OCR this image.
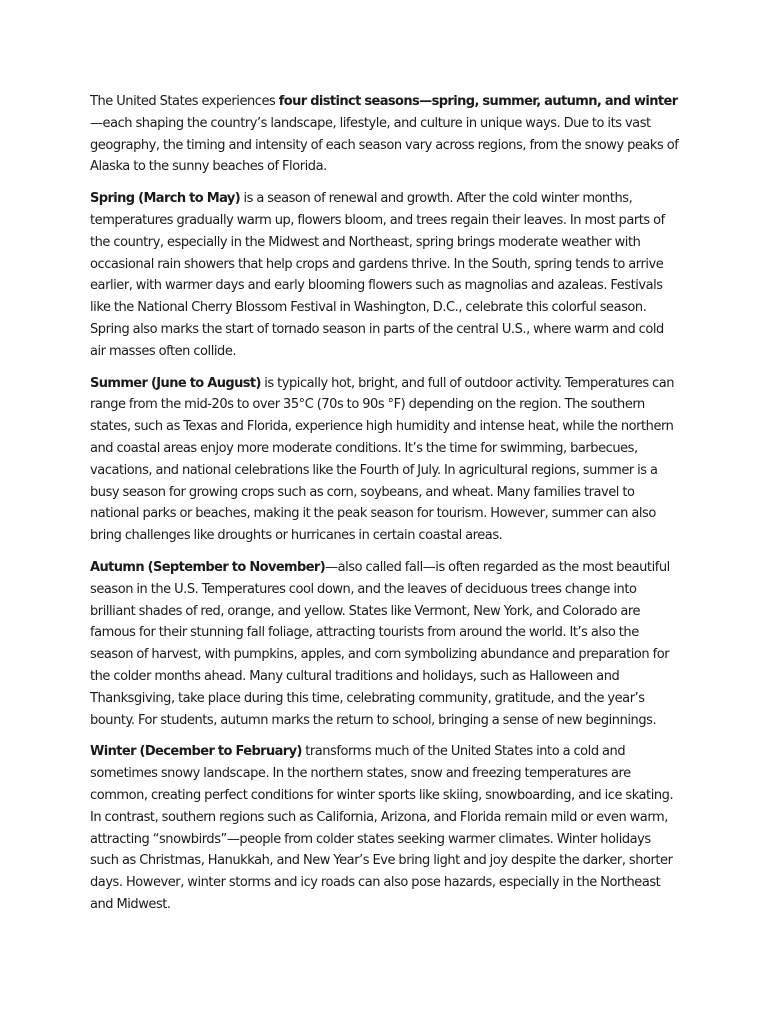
The United States experiences four distinct seasons—spring, summer, autumn, and winter—each shaping the country’s landscape, lifestyle, and culture in unique ways. Due to its vast geography, the timing and intensity of each season vary across regions, from the snowy peaks of Alaska to the sunny beaches of Florida.

Spring (March to May) is a season of renewal and growth. After the cold winter months, temperatures gradually warm up, flowers bloom, and trees regain their leaves. In most parts of the country, especially in the Midwest and Northeast, spring brings moderate weather with occasional rain showers that help crops and gardens thrive. In the South, spring tends to arrive earlier, with warmer days and early blooming flowers such as magnolias and azaleas. Festivals like the National Cherry Blossom Festival in Washington, D.C., celebrate this colorful season. Spring also marks the start of tornado season in parts of the central U.S., where warm and cold air masses often collide.

Summer (June to August) is typically hot, bright, and full of outdoor activity. Temperatures can range from the mid-20s to over 35°C (70s to 90s °F) depending on the region. The southern states, such as Texas and Florida, experience high humidity and intense heat, while the northern and coastal areas enjoy more moderate conditions. It’s the time for swimming, barbecues, vacations, and national celebrations like the Fourth of July. In agricultural regions, summer is a busy season for growing crops such as corn, soybeans, and wheat. Many families travel to national parks or beaches, making it the peak season for tourism. However, summer can also bring challenges like droughts or hurricanes in certain coastal areas.

Autumn (September to November)—also called fall—is often regarded as the most beautiful season in the U.S. Temperatures cool down, and the leaves of deciduous trees change into brilliant shades of red, orange, and yellow. States like Vermont, New York, and Colorado are famous for their stunning fall foliage, attracting tourists from around the world. It’s also the season of harvest, with pumpkins, apples, and corn symbolizing abundance and preparation for the colder months ahead. Many cultural traditions and holidays, such as Halloween and Thanksgiving, take place during this time, celebrating community, gratitude, and the year’s bounty. For students, autumn marks the return to school, bringing a sense of new beginnings.

Winter (December to February) transforms much of the United States into a cold and sometimes snowy landscape. In the northern states, snow and freezing temperatures are common, creating perfect conditions for winter sports like skiing, snowboarding, and ice skating. In contrast, southern regions such as California, Arizona, and Florida remain mild or even warm, attracting “snowbirds”—people from colder states seeking warmer climates. Winter holidays such as Christmas, Hanukkah, and New Year’s Eve bring light and joy despite the darker, shorter days. However, winter storms and icy roads can also pose hazards, especially in the Northeast and Midwest.
